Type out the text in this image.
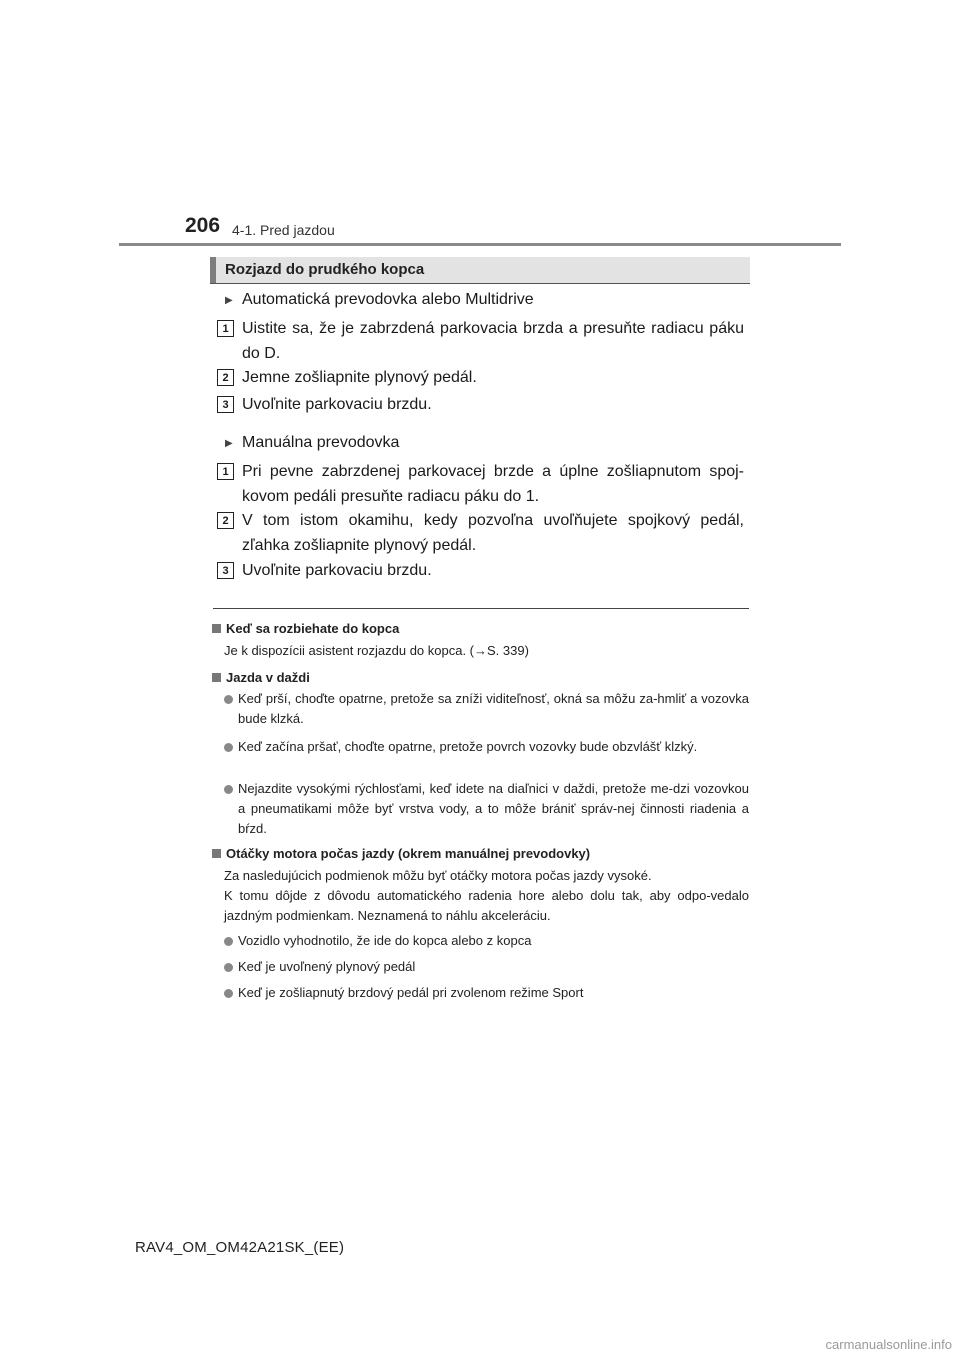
206 4-1. Pred jazdou
Rozjazd do prudkého kopca
▶ Automatická prevodovka alebo Multidrive
1 Uistite sa, že je zabrzdená parkovacia brzda a presuňte radiacu páku do D.
2 Jemne zošliapnite plynový pedál.
3 Uvoľnite parkovaciu brzdu.
▶ Manuálna prevodovka
1 Pri pevne zabrzdenej parkovacej brzde a úplne zošliapnutom spoj-kovom pedáli presuňte radiacu páku do 1.
2 V tom istom okamihu, kedy pozvoľna uvoľňujete spojkový pedál, zľahka zošliapnite plynový pedál.
3 Uvoľnite parkovaciu brzdu.
Keď sa rozbiehate do kopca
Je k dispozícii asistent rozjazdu do kopca. (→S. 339)
Jazda v daždi
Keď prší, choďte opatrne, pretože sa zníži viditeľnosť, okná sa môžu za-hmliť a vozovka bude klzká.
Keď začína pršať, choďte opatrne, pretože povrch vozovky bude obzvlášť klzký.
Nejazdite vysokými rýchlosťami, keď idete na diaľnici v daždi, pretože me-dzi vozovkou a pneumatikami môže byť vrstva vody, a to môže brániť správ-nej činnosti riadenia a bŕzd.
Otáčky motora počas jazdy (okrem manuálnej prevodovky)
Za nasledujúcich podmienok môžu byť otáčky motora počas jazdy vysoké.
K tomu dôjde z dôvodu automatického radenia hore alebo dolu tak, aby odpo-vedalo jazdným podmienkam. Neznamená to náhlu akceleráciu.
Vozidlo vyhodnotilo, že ide do kopca alebo z kopca
Keď je uvoľnený plynový pedál
Keď je zošliapnutý brzdový pedál pri zvolenom režime Sport
RAV4_OM_OM42A21SK_(EE)
carmanualsonline.info
